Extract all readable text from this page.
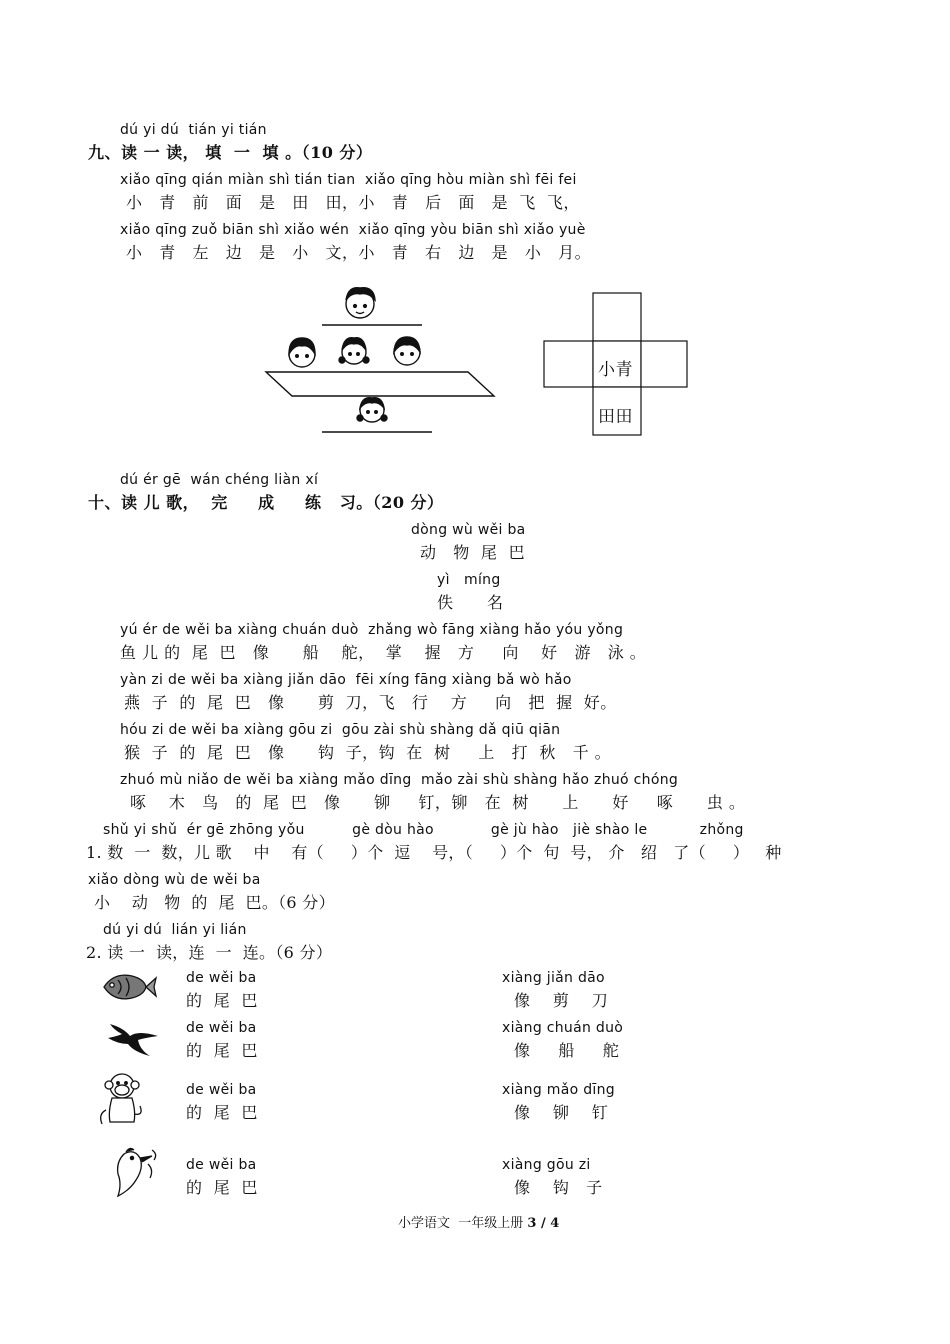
dú yi dú  tián yi tián
九、读 一 读， 填  一  填 。（10 分）
xiǎo qīng qián miàn shì tián tian  xiǎo qīng hòu miàn shì fēi fei
小   青   前   面   是   田   田，小   青   后   面   是  飞  飞，
xiǎo qīng zuǒ biān shì xiǎo wén  xiǎo qīng yòu biān shì xiǎo yuè
小   青   左   边   是   小   文，小   青   右   边   是   小   月。
小青
田田
dú ér gē  wán chéng liàn xí
十、读 儿 歌，  完     成     练   习。（20 分）
dòng wù wěi ba
动   物  尾  巴
yì   míng
佚      名
yú ér de wěi ba xiàng chuán duò  zhǎng wò fāng xiàng hǎo yóu yǒng
鱼 儿 的  尾  巴   像      船    舵，  掌    握   方     向    好   游   泳 。
yàn zi de wěi ba xiàng jiǎn dāo  fēi xíng fāng xiàng bǎ wò hǎo
燕  子  的  尾  巴   像      剪  刀，飞   行    方     向   把  握  好。
hóu zi de wěi ba xiàng gōu zi  gōu zài shù shàng dǎ qiū qiān
猴  子  的  尾  巴   像      钩  子，钩  在  树     上   打  秋   千 。
zhuó mù niǎo de wěi ba xiàng mǎo dīng  mǎo zài shù shàng hǎo zhuó chóng
啄    木   鸟   的  尾  巴   像      铆     钉，铆   在  树      上      好     啄      虫 。
shǔ yi shǔ  ér gē zhōng yǒu          gè dòu hào            gè jù hào   jiè shào le           zhǒng
1. 数  一  数，儿 歌    中    有（     ）个  逗    号，（     ）个  句  号， 介   绍   了（     ）   种
xiǎo dòng wù de wěi ba
小    动   物  的  尾  巴。（6 分）
dú yi dú  lián yi lián
2. 读 一  读，连  一  连。（6 分）
de wěi ba
的  尾  巴
de wěi ba
的  尾  巴
de wěi ba
的  尾  巴
de wěi ba
的  尾  巴
xiàng jiǎn dāo
像    剪    刀
xiàng chuán duò
像     船     舵
xiàng mǎo dīng
像    铆    钉
xiàng gōu zi
像    钩   子
小学语文  一年级上册 3 / 4
